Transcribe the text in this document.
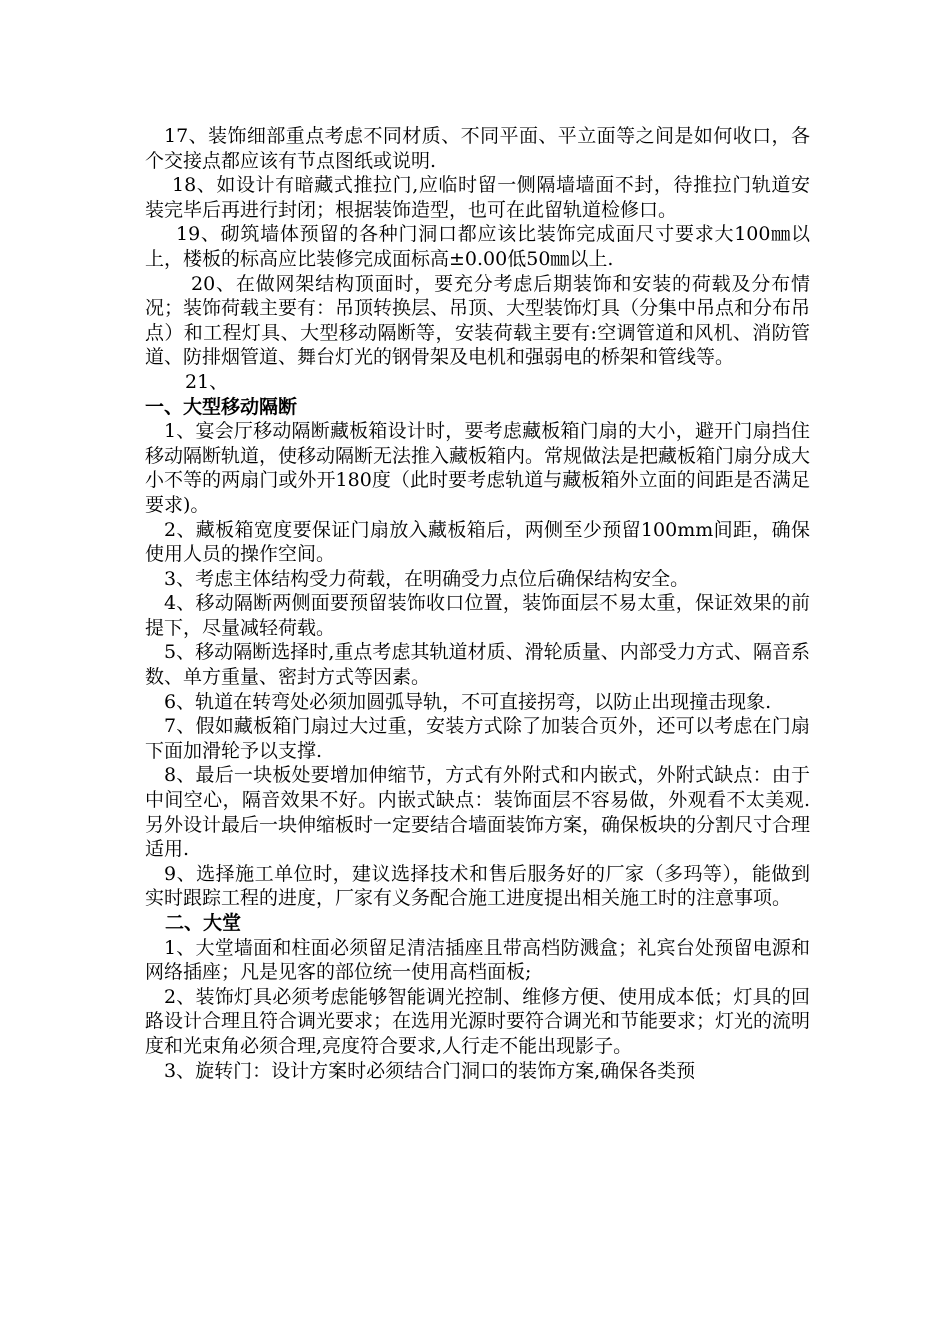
17、装饰细部重点考虑不同材质、不同平面、平立面等之间是如何收口，各个交接点都应该有节点图纸或说明.

18、如设计有暗藏式推拉门,应临时留一侧隔墙墙面不封，待推拉门轨道安装完毕后再进行封闭；根据装饰造型，也可在此留轨道检修口。

19、砌筑墙体预留的各种门洞口都应该比装饰完成面尺寸要求大100㎜以上，楼板的标高应比装修完成面标高±0.00低50㎜以上.

20、在做网架结构顶面时，要充分考虑后期装饰和安装的荷载及分布情况；装饰荷载主要有：吊顶转换层、吊顶、大型装饰灯具（分集中吊点和分布吊点）和工程灯具、大型移动隔断等，安装荷载主要有:空调管道和风机、消防管道、防排烟管道、舞台灯光的钢骨架及电机和强弱电的桥架和管线等。

21、

一、大型移动隔断

1、宴会厅移动隔断藏板箱设计时，要考虑藏板箱门扇的大小，避开门扇挡住移动隔断轨道，使移动隔断无法推入藏板箱内。常规做法是把藏板箱门扇分成大小不等的两扇门或外开180度（此时要考虑轨道与藏板箱外立面的间距是否满足要求)。

2、藏板箱宽度要保证门扇放入藏板箱后，两侧至少预留100mm间距，确保使用人员的操作空间。

3、考虑主体结构受力荷载，在明确受力点位后确保结构安全。

4、移动隔断两侧面要预留装饰收口位置，装饰面层不易太重，保证效果的前提下，尽量减轻荷载。

5、移动隔断选择时,重点考虑其轨道材质、滑轮质量、内部受力方式、隔音系数、单方重量、密封方式等因素。

6、轨道在转弯处必须加圆弧导轨，不可直接拐弯，以防止出现撞击现象.

7、假如藏板箱门扇过大过重，安装方式除了加装合页外，还可以考虑在门扇下面加滑轮予以支撑.

8、最后一块板处要增加伸缩节，方式有外附式和内嵌式，外附式缺点：由于中间空心，隔音效果不好。内嵌式缺点：装饰面层不容易做，外观看不太美观.另外设计最后一块伸缩板时一定要结合墙面装饰方案，确保板块的分割尺寸合理适用.

9、选择施工单位时，建议选择技术和售后服务好的厂家（多玛等），能做到实时跟踪工程的进度，厂家有义务配合施工进度提出相关施工时的注意事项。

二、大堂

1、大堂墙面和柱面必须留足清洁插座且带高档防溅盒；礼宾台处预留电源和网络插座；凡是见客的部位统一使用高档面板;

2、装饰灯具必须考虑能够智能调光控制、维修方便、使用成本低；灯具的回路设计合理且符合调光要求；在选用光源时要符合调光和节能要求；灯光的流明度和光束角必须合理,亮度符合要求,人行走不能出现影子。

3、旋转门：设计方案时必须结合门洞口的装饰方案,确保各类预
